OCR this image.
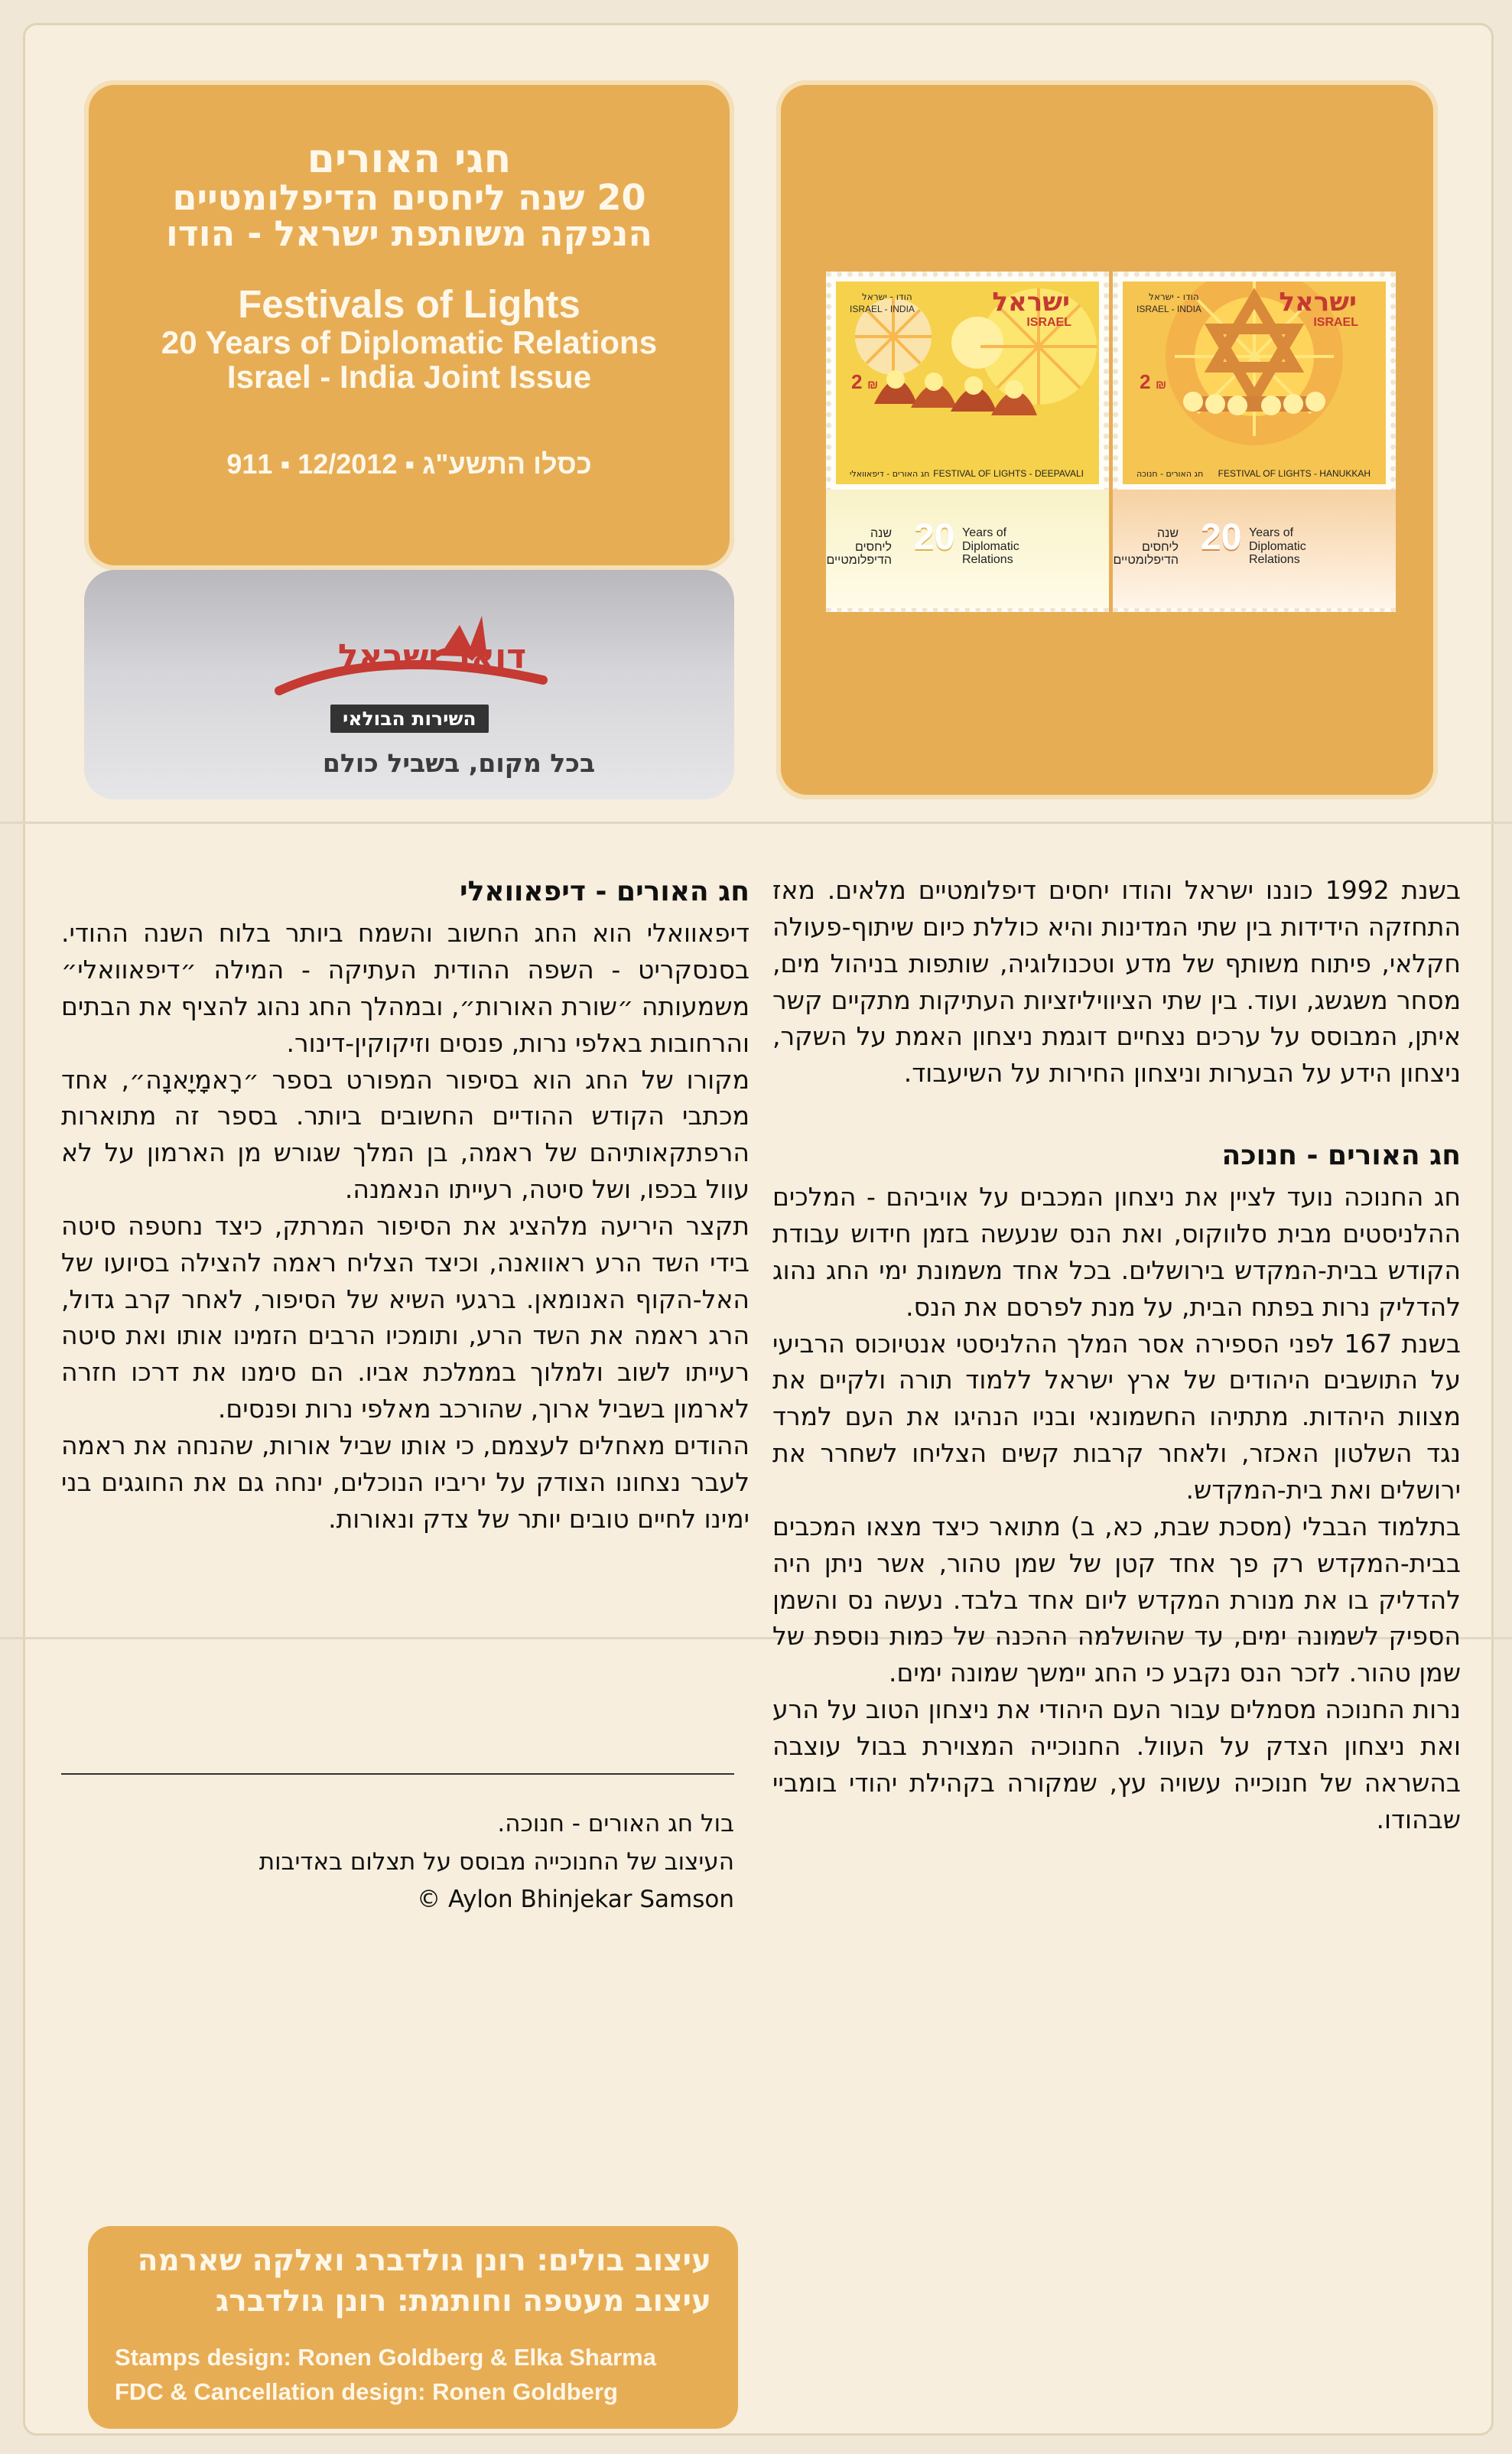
חגי האורים
20 שנה ליחסים הדיפלומטיים
הנפקה משותפת ישראל - הודו
Festivals of Lights
20 Years of Diplomatic Relations
Israel - India Joint Issue
911 ▪ 12/2012 ▪ כסלו התשע"ג
דואר ישראל
השירות הבולאי
בכל מקום, בשביל כולם
2 ₪
ישראל
ISRAEL
הודו - ישראל
ISRAEL - INDIA
חג האורים - דיפאוואלי FESTIVAL OF LIGHTS - DEEPAVALI
שנה
ליחסים
הדיפלומטיים
20 Years of
Diplomatic
Relations
2 ₪
ישראל
ISRAEL
הודו - ישראל
ISRAEL - INDIA
חג האורים - חנוכה FESTIVAL OF LIGHTS - HANUKKAH
שנה
ליחסים
הדיפלומטיים
20 Years of
Diplomatic
Relations
חג האורים - דיפאוואלי

דיפאוואלי הוא החג החשוב והשמח ביותר בלוח השנה ההודי. בסנסקריט - השפה ההודית העתיקה - המילה ״דיפאוואלי״ משמעותה ״שורת האורות״, ובמהלך החג נהוג להציף את הבתים והרחובות באלפי נרות, פנסים וזיקוקין-דינור.

מקורו של החג הוא בסיפור המפורט בספר ״רָאמָיָאנָה״, אחד מכתבי הקודש ההודיים החשובים ביותר. בספר זה מתוארות הרפתקאותיהם של ראמה, בן המלך שגורש מן הארמון על לא עוול בכפו, ושל סיטה, רעייתו הנאמנה.

תקצר היריעה מלהציג את הסיפור המרתק, כיצד נחטפה סיטה בידי השד הרע ראוואנה, וכיצד הצליח ראמה להצילה בסיועו של האל-הקוף האנומאן. ברגעי השיא של הסיפור, לאחר קרב גדול, הרג ראמה את השד הרע, ותומכיו הרבים הזמינו אותו ואת סיטה רעייתו לשוב ולמלוך בממלכת אביו. הם סימנו את דרכו חזרה לארמון בשביל ארוך, שהורכב מאלפי נרות ופנסים.

ההודים מאחלים לעצמם, כי אותו שביל אורות, שהנחה את ראמה לעבר נצחונו הצודק על יריביו הנוכלים, ינחה גם את החוגגים בני ימינו לחיים טובים יותר של צדק ונאורות.

בול חג האורים - חנוכה.
העיצוב של החנוכייה מבוסס על תצלום באדיבות
© Aylon Bhinjekar Samson

בשנת 1992 כוננו ישראל והודו יחסים דיפלומטיים מלאים. מאז התחזקה הידידות בין שתי המדינות והיא כוללת כיום שיתוף-פעולה חקלאי, פיתוח משותף של מדע וטכנולוגיה, שותפות בניהול מים, מסחר משגשג, ועוד. בין שתי הציוויליזציות העתיקות מתקיים קשר איתן, המבוסס על ערכים נצחיים דוגמת ניצחון האמת על השקר, ניצחון הידע על הבערות וניצחון החירות על השיעבוד.

חג האורים - חנוכה

חג החנוכה נועד לציין את ניצחון המכבים על אויביהם - המלכים ההלניסטים מבית סלווקוס, ואת הנס שנעשה בזמן חידוש עבודת הקודש בבית-המקדש בירושלים. בכל אחד משמונת ימי החג נהוג להדליק נרות בפתח הבית, על מנת לפרסם את הנס.

בשנת 167 לפני הספירה אסר המלך ההלניסטי אנטיוכוס הרביעי על התושבים היהודים של ארץ ישראל ללמוד תורה ולקיים את מצוות היהדות. מתתיהו החשמונאי ובניו הנהיגו את העם למרד נגד השלטון האכזר, ולאחר קרבות קשים הצליחו לשחרר את ירושלים ואת בית-המקדש.

בתלמוד הבבלי (מסכת שבת, כא, ב) מתואר כיצד מצאו המכבים בבית-המקדש רק פך אחד קטן של שמן טהור, אשר ניתן היה להדליק בו את מנורת המקדש ליום אחד בלבד. נעשה נס והשמן הספיק לשמונה ימים, עד שהושלמה ההכנה של כמות נוספת של שמן טהור. לזכר הנס נקבע כי החג יימשך שמונה ימים.

נרות החנוכה מסמלים עבור העם היהודי את ניצחון הטוב על הרע ואת ניצחון הצדק על העוול. החנוכייה המצוירת בבול עוצבה בהשראה של חנוכייה עשויה עץ, שמקורה בקהילת יהודי בומביי שבהודו.

עיצוב בולים: רונן גולדברג ואלקה שארמה
עיצוב מעטפה וחותמת: רונן גולדברג
Stamps design: Ronen Goldberg & Elka Sharma
FDC & Cancellation design: Ronen Goldberg
